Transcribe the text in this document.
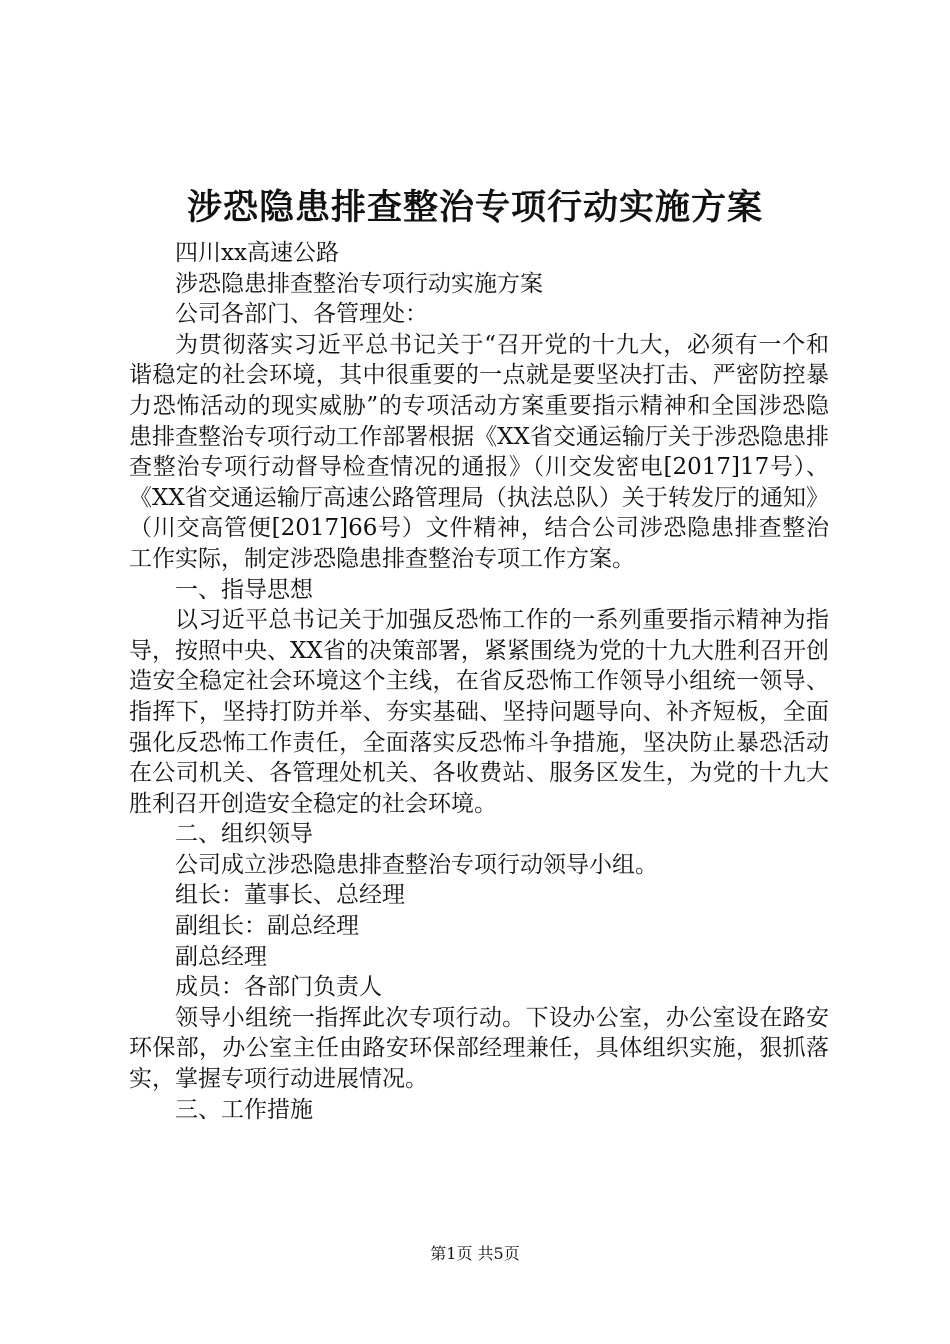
涉恐隐患排查整治专项行动实施方案

四川xx高速公路

涉恐隐患排查整治专项行动实施方案

公司各部门、各管理处：

为贯彻落实习近平总书记关于“召开党的十九大，必须有一个和谐稳定的社会环境，其中很重要的一点就是要坚决打击、严密防控暴力恐怖活动的现实威胁”的专项活动方案重要指示精神和全国涉恐隐患排查整治专项行动工作部署根据《XX省交通运输厅关于涉恐隐患排查整治专项行动督导检查情况的通报》（川交发密电[2017]17号）、《XX省交通运输厅高速公路管理局（执法总队）关于转发厅的通知》（川交高管便[2017]66号）文件精神，结合公司涉恐隐患排查整治工作实际，制定涉恐隐患排查整治专项工作方案。

一、指导思想

以习近平总书记关于加强反恐怖工作的一系列重要指示精神为指导，按照中央、XX省的决策部署，紧紧围绕为党的十九大胜利召开创造安全稳定社会环境这个主线，在省反恐怖工作领导小组统一领导、指挥下，坚持打防并举、夯实基础、坚持问题导向、补齐短板，全面强化反恐怖工作责任，全面落实反恐怖斗争措施，坚决防止暴恐活动在公司机关、各管理处机关、各收费站、服务区发生，为党的十九大胜利召开创造安全稳定的社会环境。

二、组织领导

公司成立涉恐隐患排查整治专项行动领导小组。

组长：董事长、总经理

副组长：副总经理

副总经理

成员：各部门负责人

领导小组统一指挥此次专项行动。下设办公室，办公室设在路安环保部，办公室主任由路安环保部经理兼任，具体组织实施，狠抓落实，掌握专项行动进展情况。

三、工作措施

第1页 共5页
